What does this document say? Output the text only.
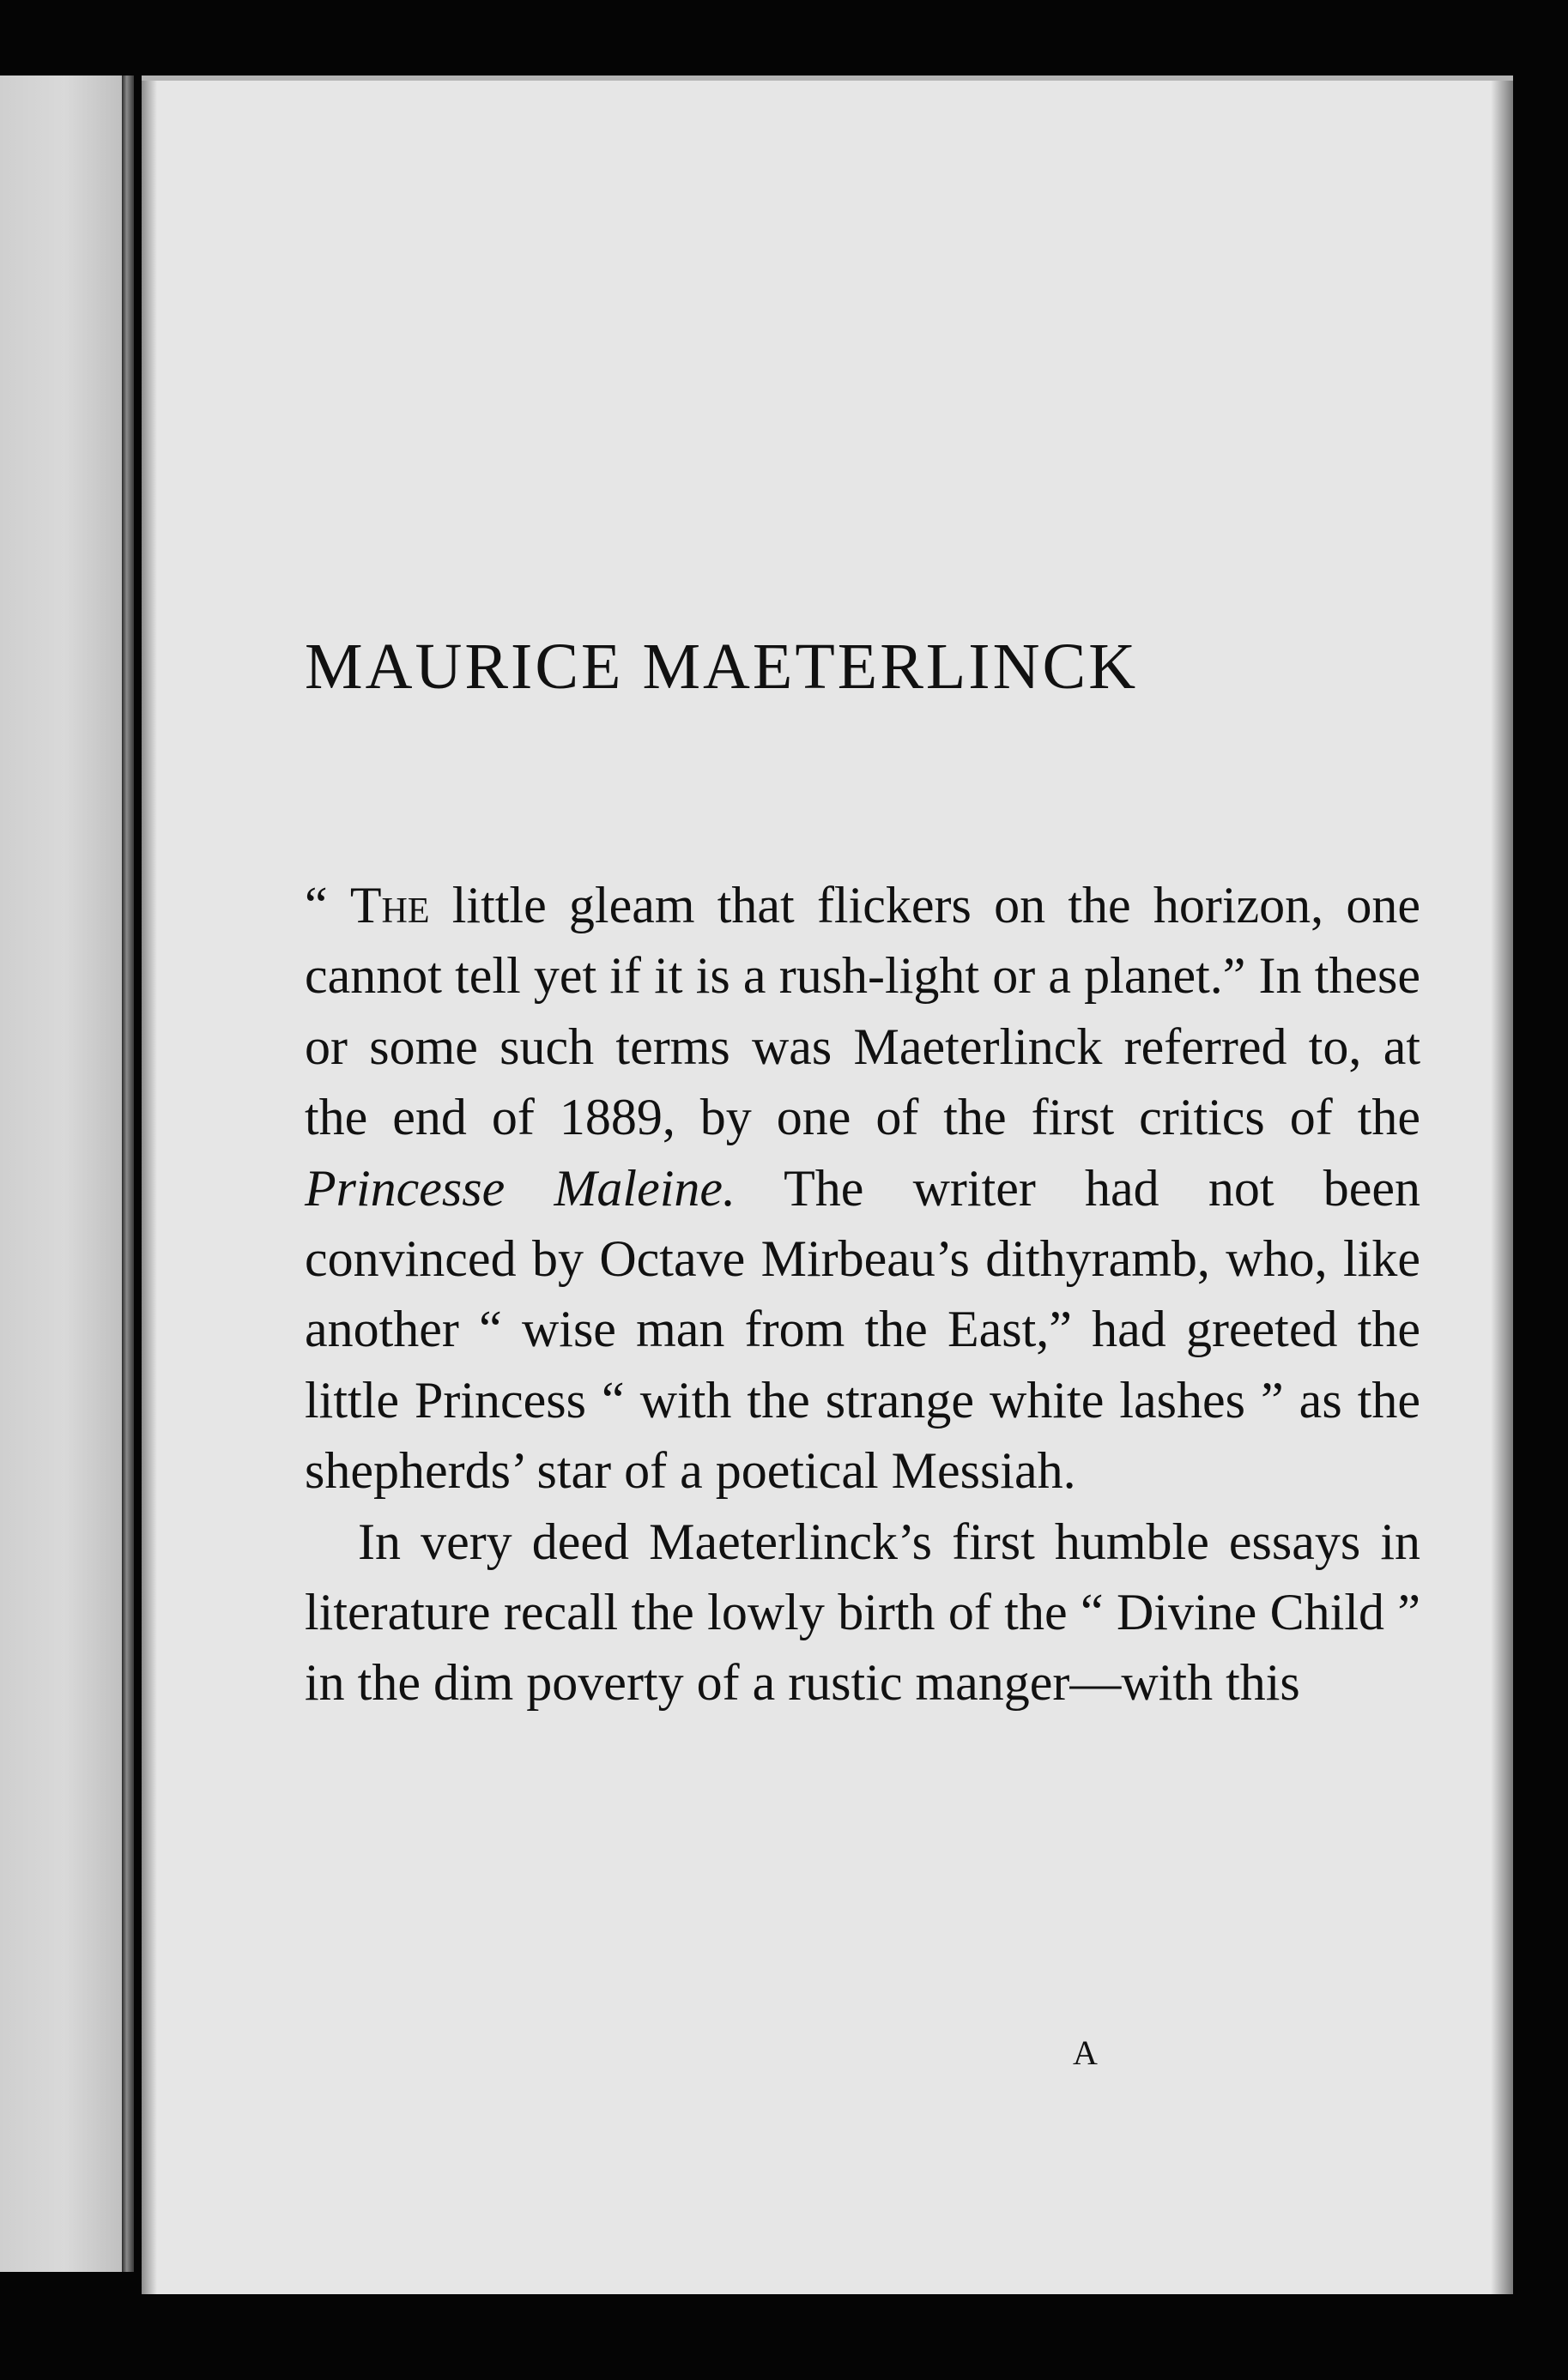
MAURICE MAETERLINCK

“ The little gleam that flickers on the horizon, one cannot tell yet if it is a rush-light or a planet.” In these or some such terms was Maeterlinck referred to, at the end of 1889, by one of the first critics of the Princesse Maleine. The writer had not been convinced by Octave Mirbeau’s dithyramb, who, like another “ wise man from the East,” had greeted the little Princess “ with the strange white lashes ” as the shepherds’ star of a poetical Messiah.

In very deed Maeterlinck’s first humble essays in literature recall the lowly birth of the “ Divine Child ” in the dim poverty of a rustic manger—with this

A
